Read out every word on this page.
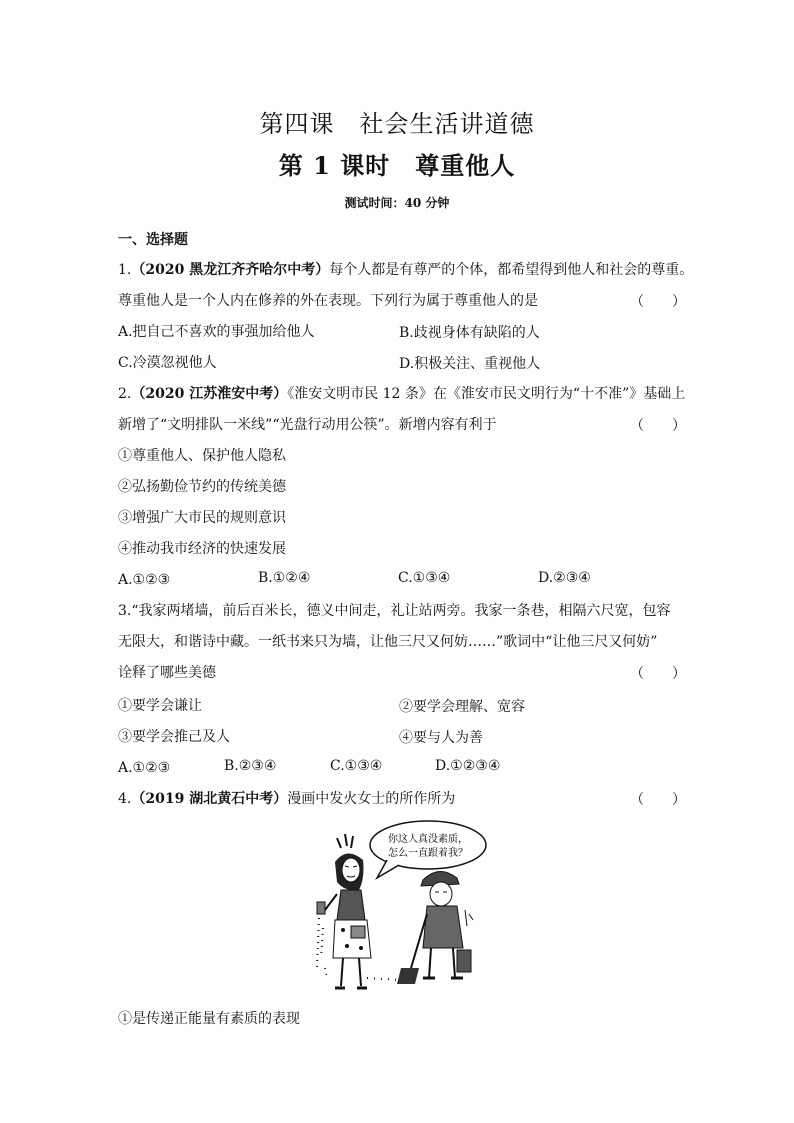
第四课　社会生活讲道德
第 1 课时　尊重他人
测试时间：40 分钟
一、选择题
1.（2020 黑龙江齐齐哈尔中考）每个人都是有尊严的个体，都希望得到他人和社会的尊重。
尊重他人是一个人内在修养的外在表现。下列行为属于尊重他人的是	（　　）
A.把自己不喜欢的事强加给他人	B.歧视身体有缺陷的人
C.冷漠忽视他人	D.积极关注、重视他人
2.（2020 江苏淮安中考）《淮安文明市民 12 条》在《淮安市民文明行为“十不准”》基础上
新增了“文明排队一米线”“光盘行动用公筷”。新增内容有利于	（　　）
①尊重他人、保护他人隐私
②弘扬勤俭节约的传统美德
③增强广大市民的规则意识
④推动我市经济的快速发展
A.①②③	B.①②④	C.①③④	D.②③④
3.“我家两堵墙，前后百米长，德义中间走，礼让站两旁。我家一条巷，相隔六尺宽，包容
无限大，和谐诗中藏。一纸书来只为墙，让他三尺又何妨……”歌词中“让他三尺又何妨”
诠释了哪些美德	（　　）
①要学会谦让	②要学会理解、宽容
③要学会推己及人	④要与人为善
A.①②③	B.②③④	C.①③④	D.①②③④
4.（2019 湖北黄石中考）漫画中发火女士的所作所为	（　　）
你这人真没素质，
怎么一直跟着我？
①是传递正能量有素质的表现
